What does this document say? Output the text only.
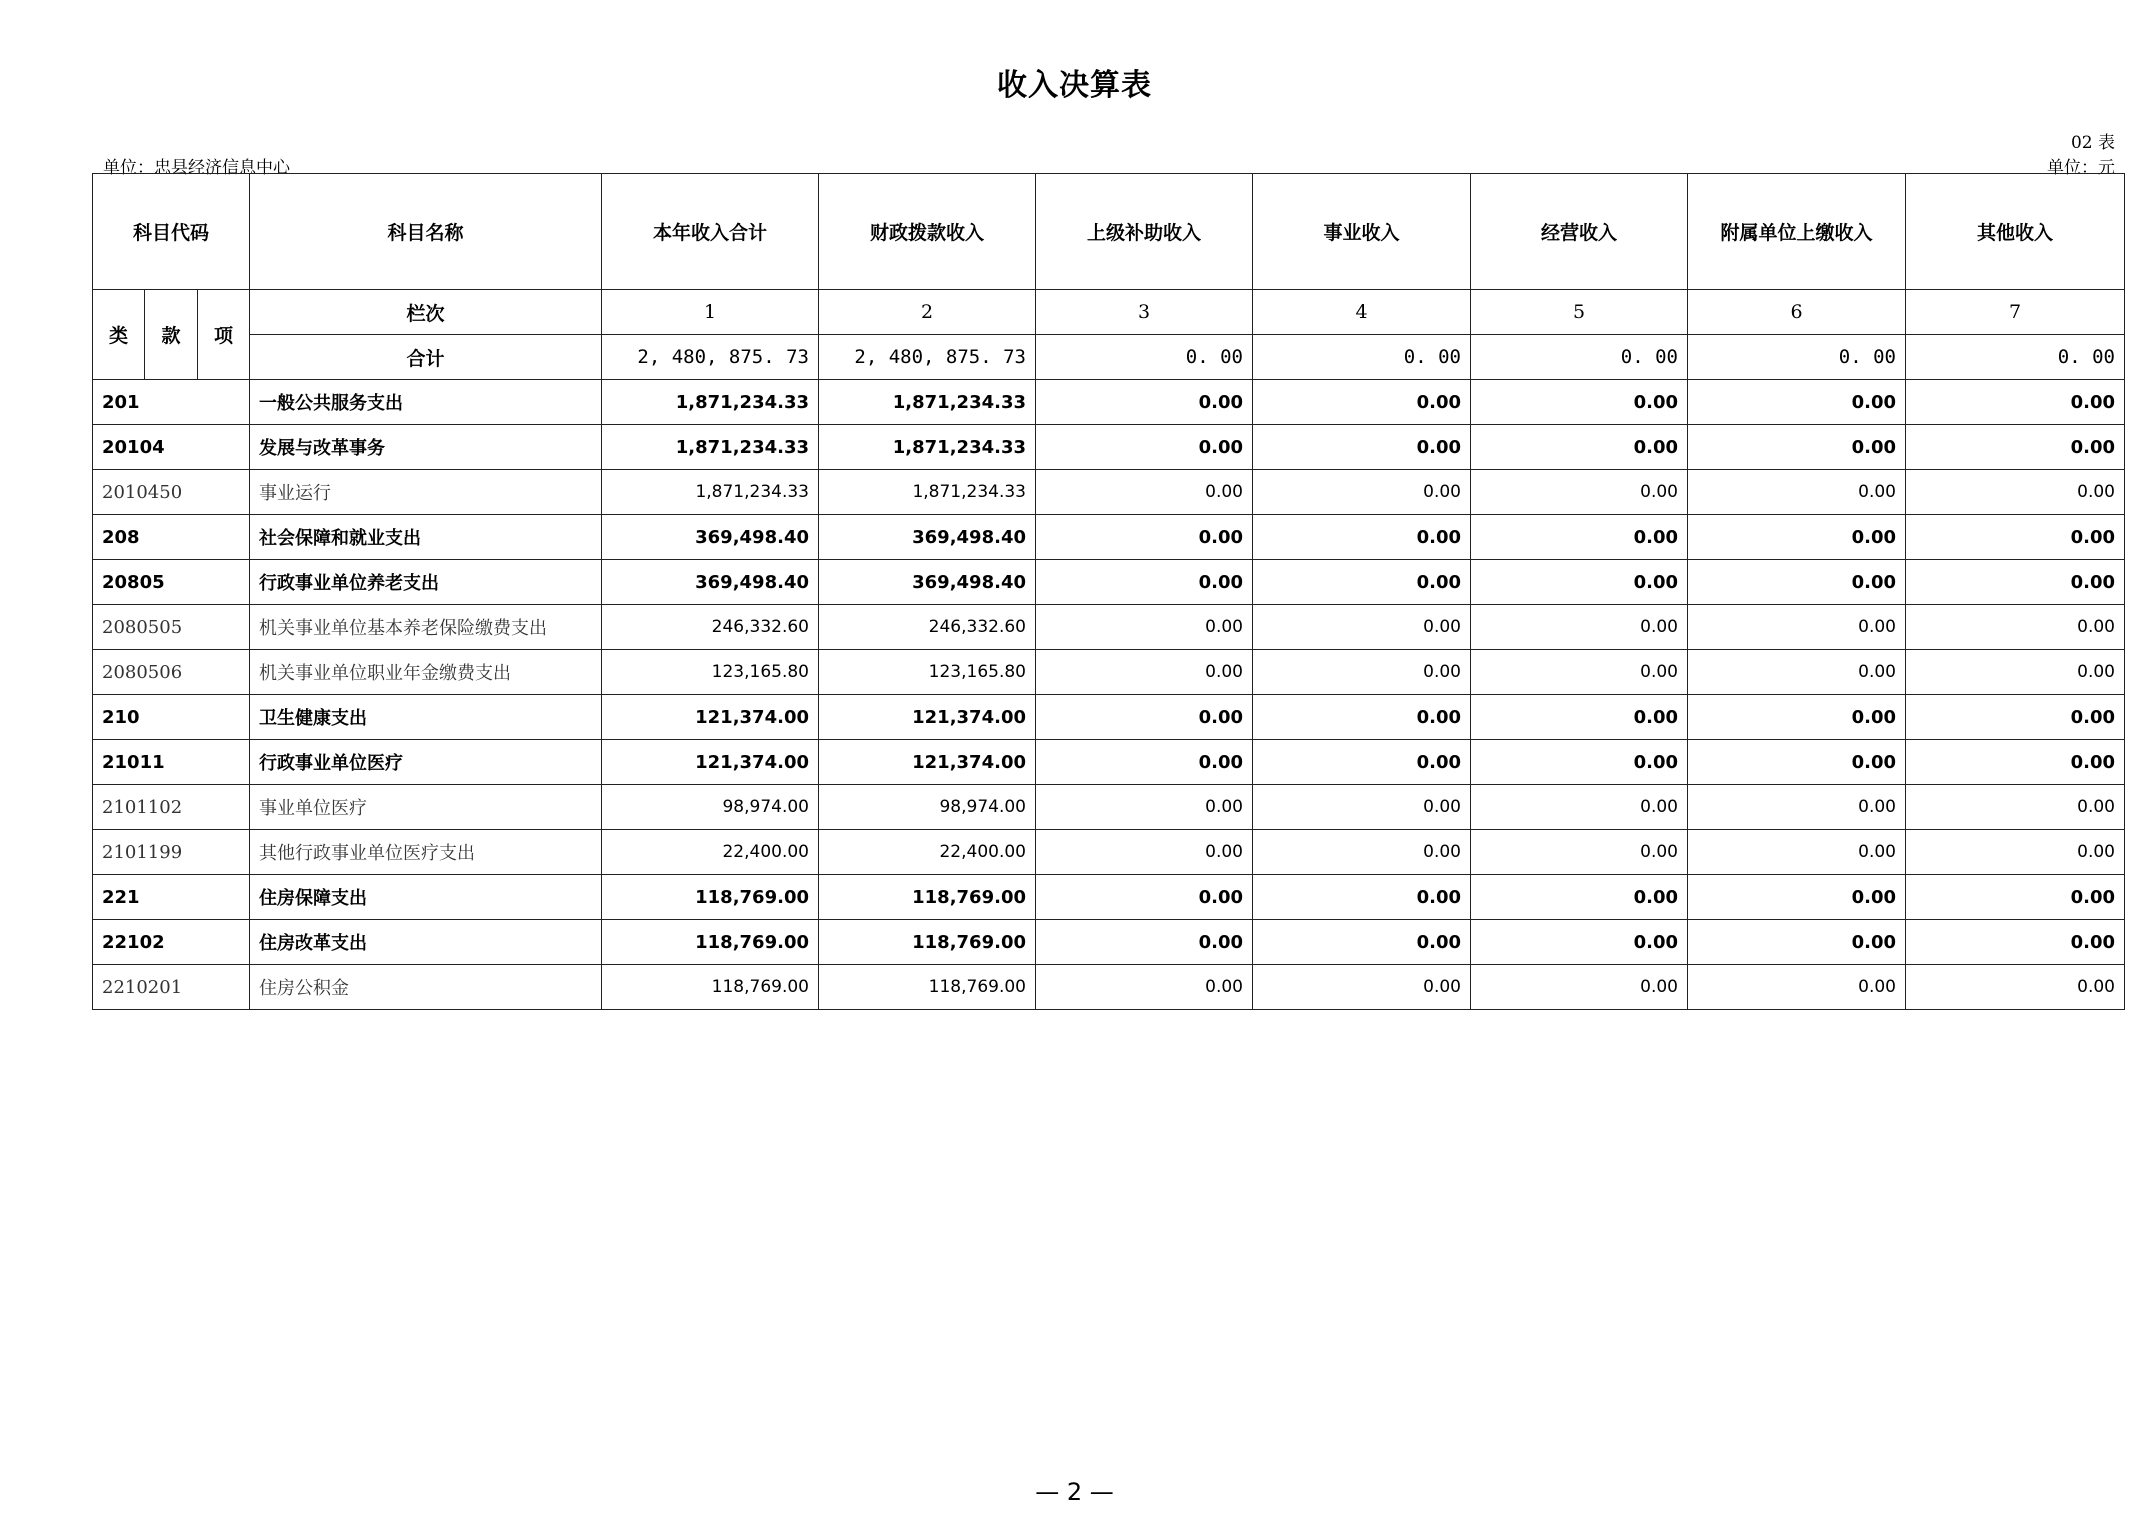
收入决算表
02 表
单位：忠县经济信息中心	单位：元
科目代码			科目名称	本年收入合计	财政拨款收入	上级补助收入	事业收入	经营收入	附属单位上缴收入	其他收入
类	款	项	栏次	1	2	3	4	5	6	7
			合计	2, 480, 875. 73	2, 480, 875. 73	0. 00	0. 00	0. 00	0. 00	0. 00
201			一般公共服务支出	1,871,234.33	1,871,234.33	0.00	0.00	0.00	0.00	0.00
20104			发展与改革事务	1,871,234.33	1,871,234.33	0.00	0.00	0.00	0.00	0.00
2010450			事业运行	1,871,234.33	1,871,234.33	0.00	0.00	0.00	0.00	0.00
208			社会保障和就业支出	369,498.40	369,498.40	0.00	0.00	0.00	0.00	0.00
20805			行政事业单位养老支出	369,498.40	369,498.40	0.00	0.00	0.00	0.00	0.00
2080505			机关事业单位基本养老保险缴费支出	246,332.60	246,332.60	0.00	0.00	0.00	0.00	0.00
2080506			机关事业单位职业年金缴费支出	123,165.80	123,165.80	0.00	0.00	0.00	0.00	0.00
210			卫生健康支出	121,374.00	121,374.00	0.00	0.00	0.00	0.00	0.00
21011			行政事业单位医疗	121,374.00	121,374.00	0.00	0.00	0.00	0.00	0.00
2101102			事业单位医疗	98,974.00	98,974.00	0.00	0.00	0.00	0.00	0.00
2101199			其他行政事业单位医疗支出	22,400.00	22,400.00	0.00	0.00	0.00	0.00	0.00
221			住房保障支出	118,769.00	118,769.00	0.00	0.00	0.00	0.00	0.00
22102			住房改革支出	118,769.00	118,769.00	0.00	0.00	0.00	0.00	0.00
2210201			住房公积金	118,769.00	118,769.00	0.00	0.00	0.00	0.00	0.00
— 2 —
